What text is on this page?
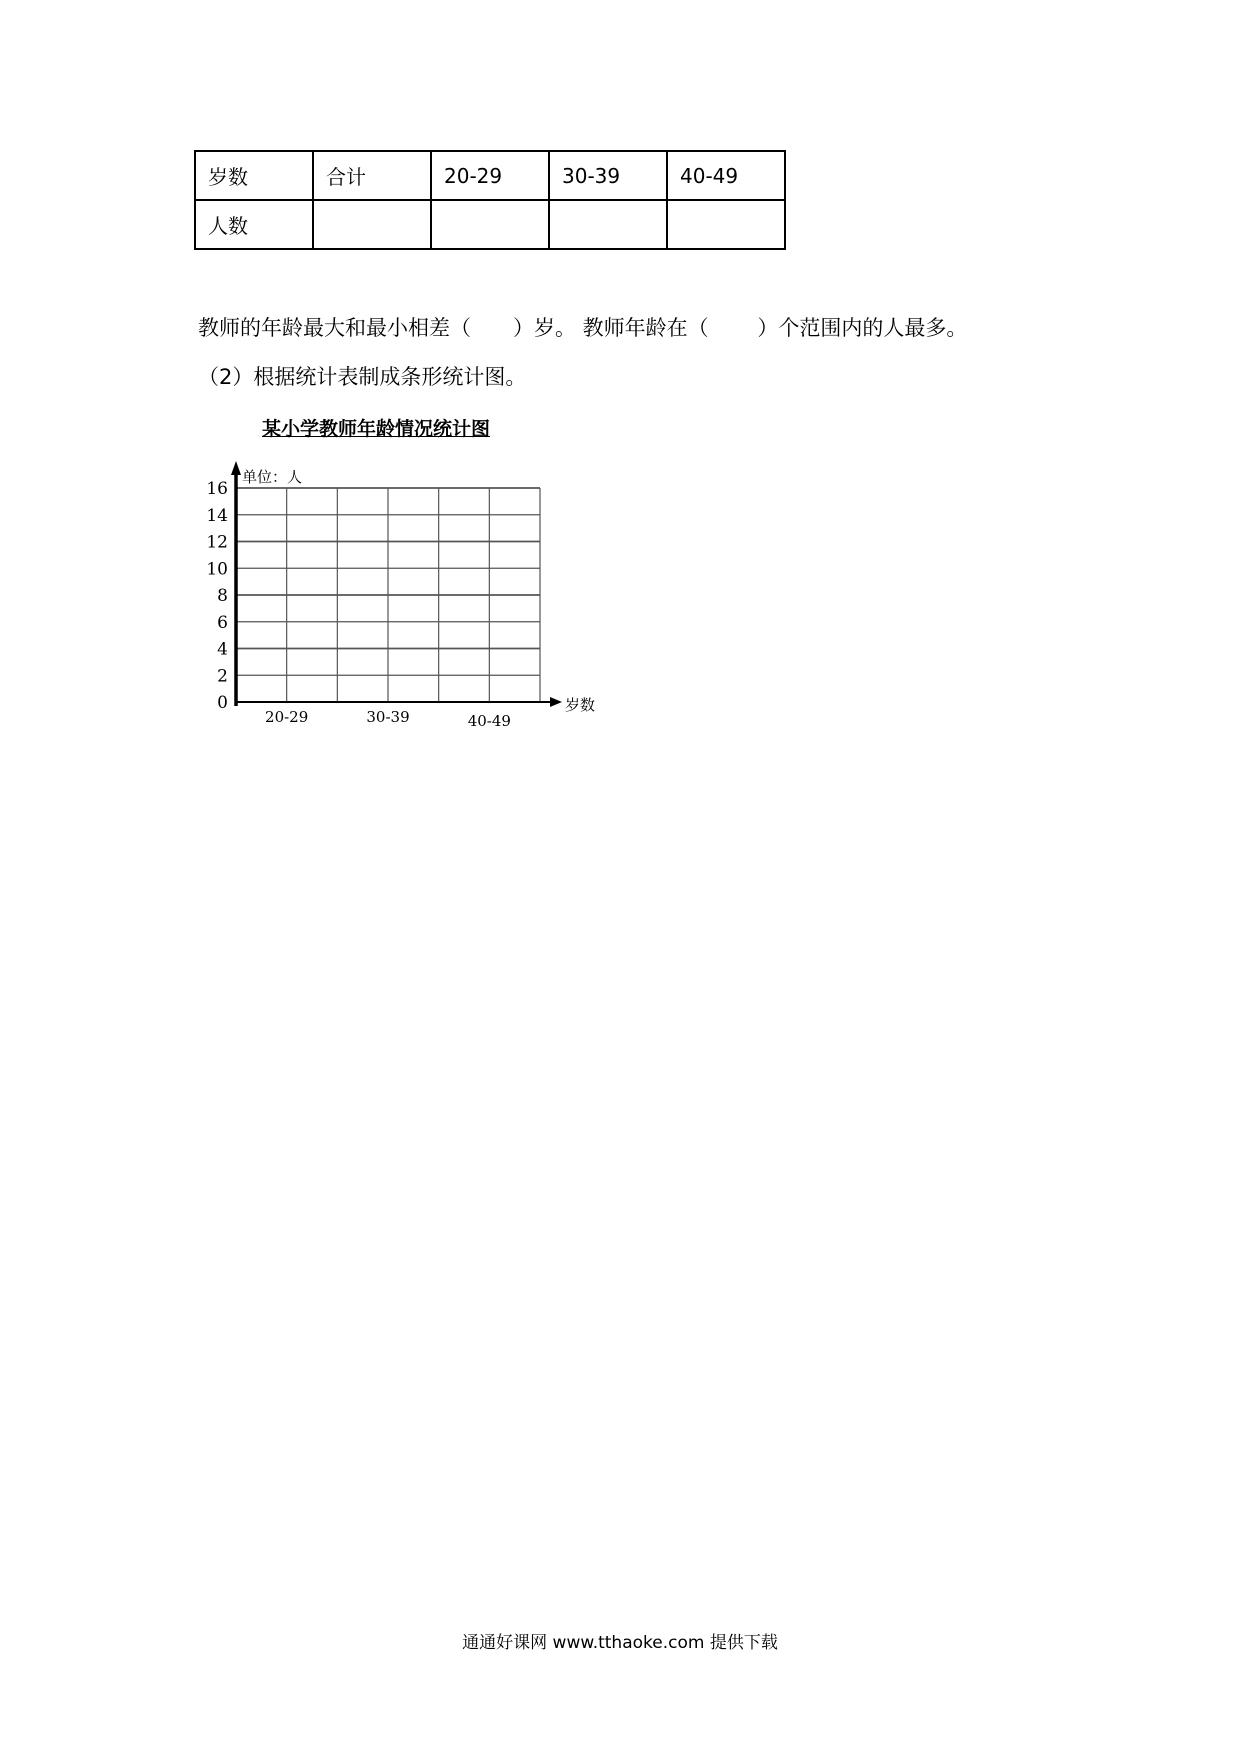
岁数	合计	20-29	30-39	40-49
人数				
教师的年龄最大和最小相差（　　）岁。 教师年龄在（　　 ）个范围内的人最多。
（2）根据统计表制成条形统计图。
某小学教师年龄情况统计图
单位：人
岁数
0
2
4
6
8
10
12
14
16
20-29	30-39	40-49
通通好课网 www.tthaoke.com 提供下载
